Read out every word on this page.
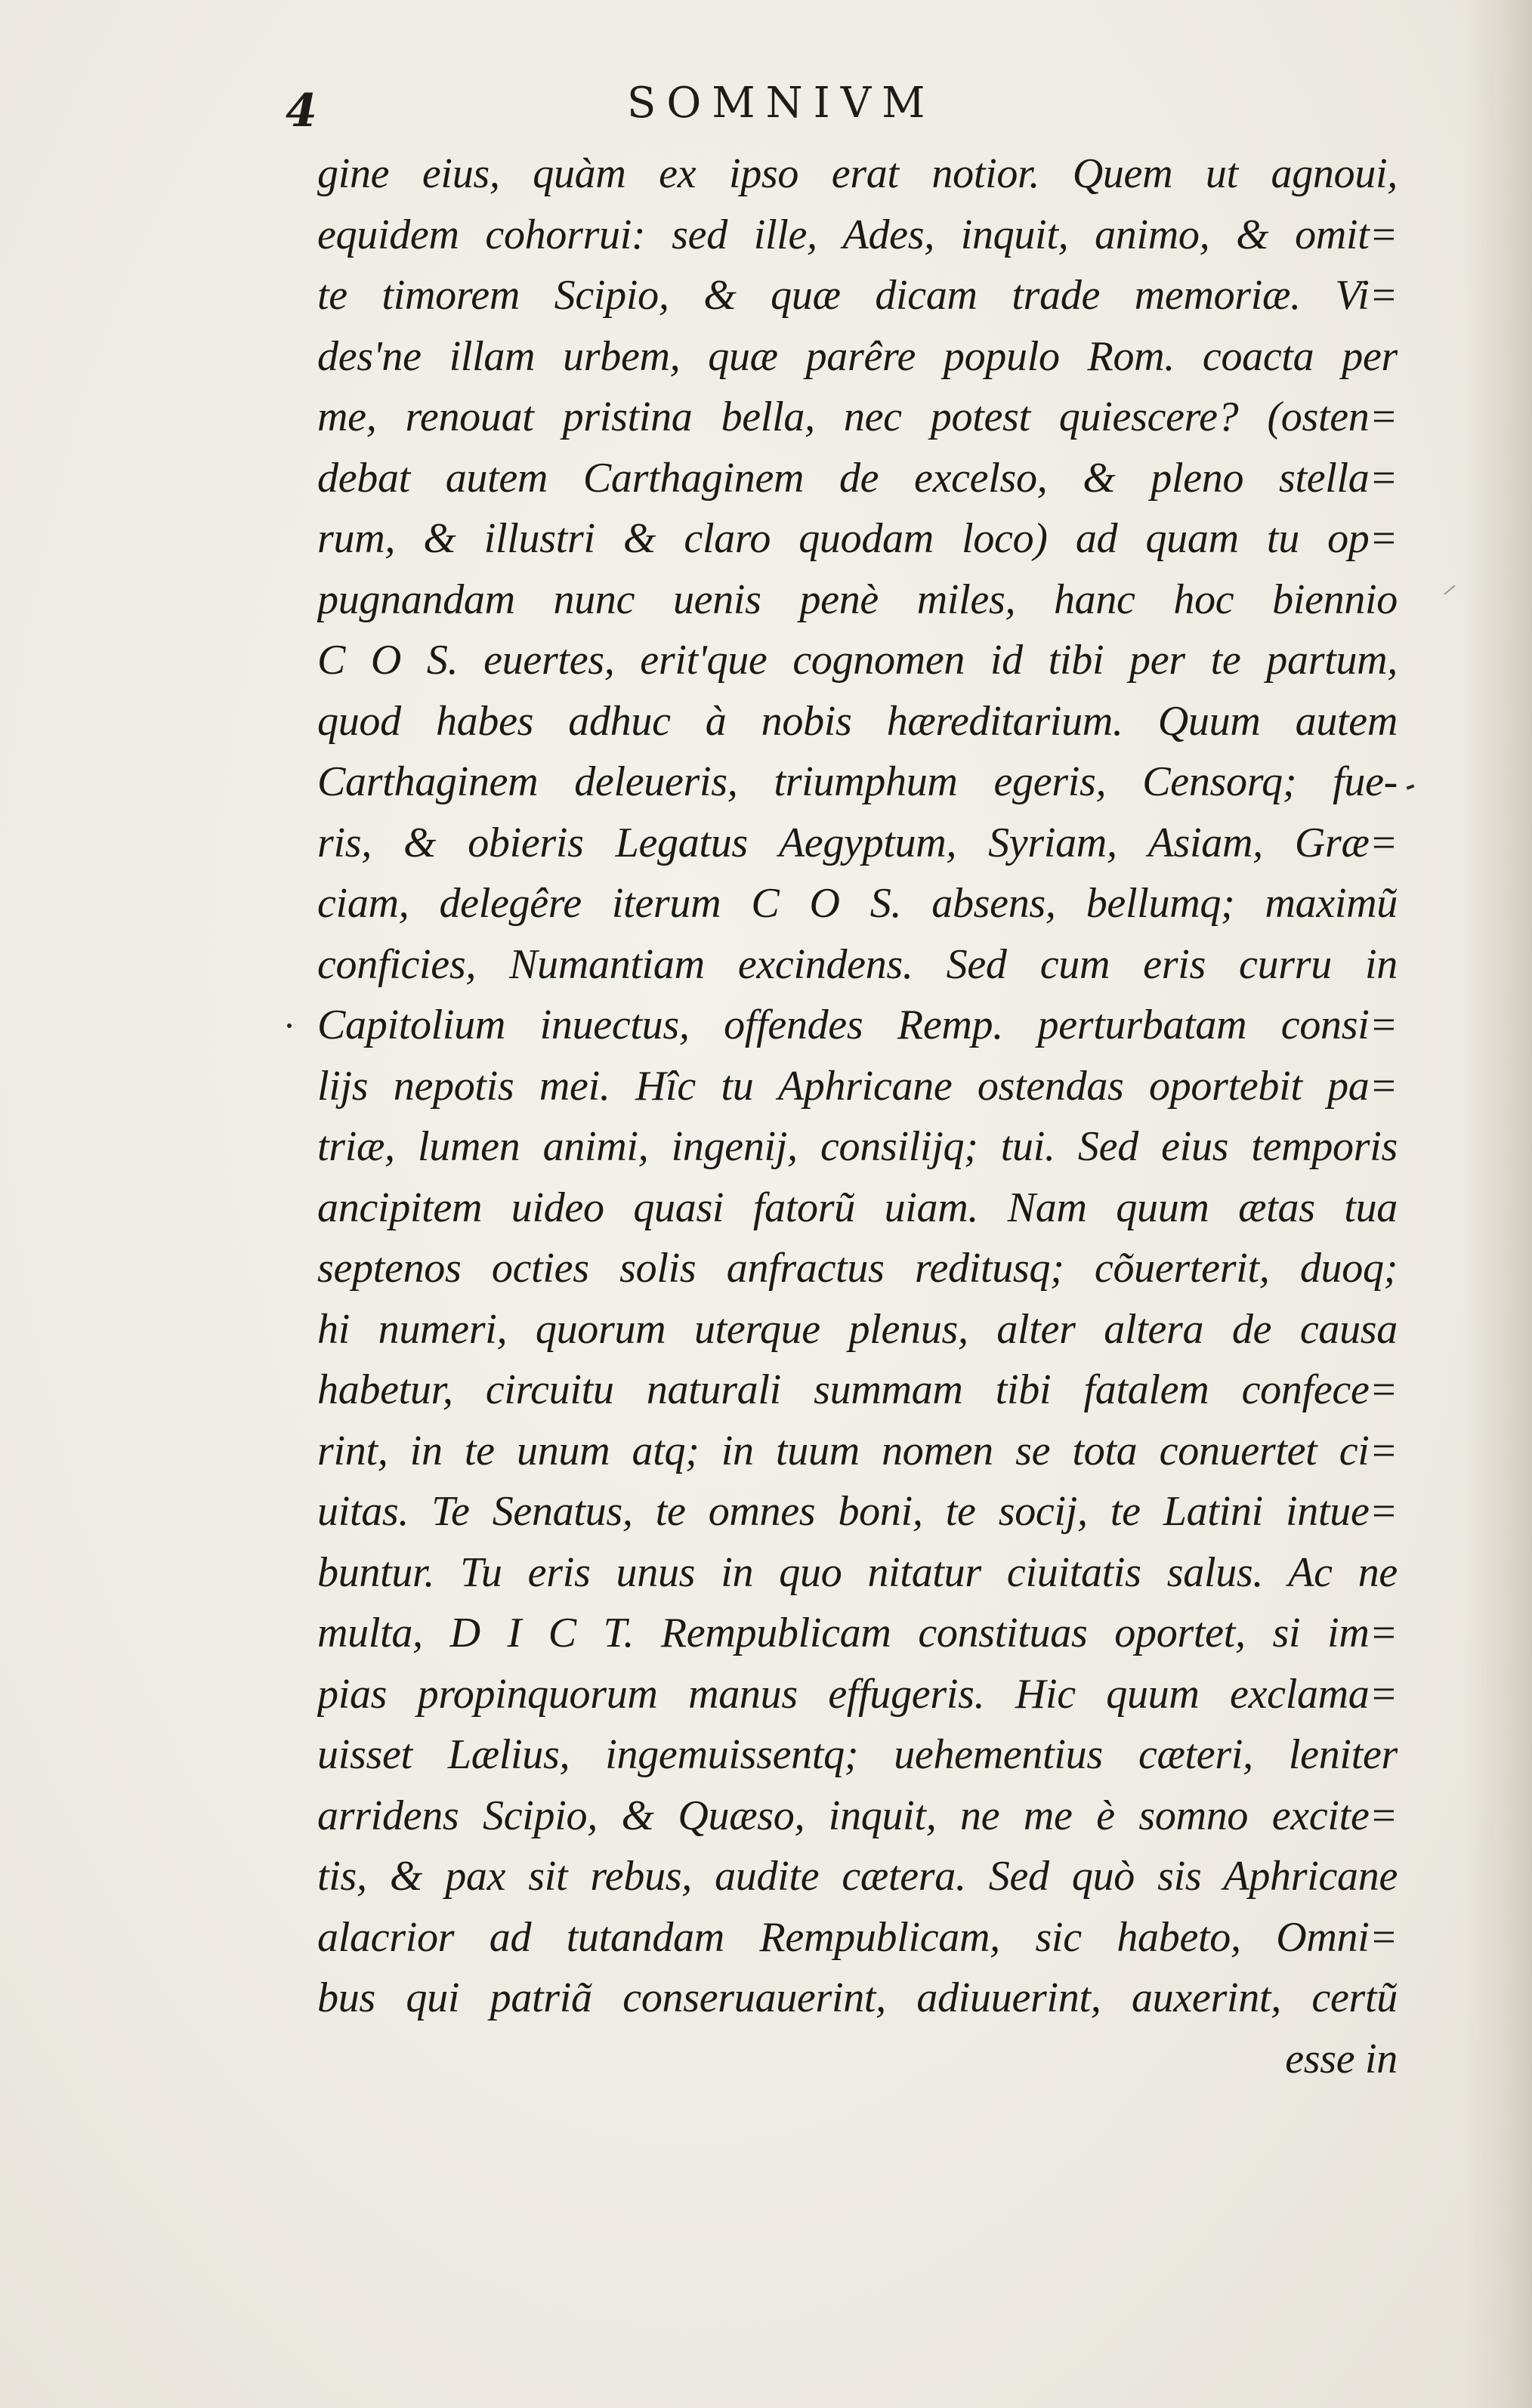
4	SOMNIVM
gine eius, quàm ex ipso erat notior. Quem ut agnoui,
equidem cohorrui: sed ille, Ades, inquit, animo, & omit=
te timorem Scipio, & quæ dicam trade memoriæ. Vi=
des'ne illam urbem, quæ parêre populo Rom. coacta per
me, renouat pristina bella, nec potest quiescere? (osten=
debat autem Carthaginem de excelso, & pleno stella=
rum, & illustri & claro quodam loco) ad quam tu op=
pugnandam nunc uenis penè miles, hanc hoc biennio
C O S. euertes, erit'que cognomen id tibi per te partum,
quod habes adhuc à nobis hæreditarium. Quum autem
Carthaginem deleueris, triumphum egeris, Censorq; fue-
ris, & obieris Legatus Aegyptum, Syriam, Asiam, Græ=
ciam, delegêre iterum C O S. absens, bellumq; maximũ
conficies, Numantiam excindens. Sed cum eris curru in
Capitolium inuectus, offendes Remp. perturbatam consi=
lijs nepotis mei. Hîc tu Aphricane ostendas oportebit pa=
triæ, lumen animi, ingenij, consilijq; tui. Sed eius temporis
ancipitem uideo quasi fatorũ uiam. Nam quum ætas tua
septenos octies solis anfractus reditusq; cõuerterit, duoq;
hi numeri, quorum uterque plenus, alter altera de causa
habetur, circuitu naturali summam tibi fatalem confece=
rint, in te unum atq; in tuum nomen se tota conuertet ci=
uitas. Te Senatus, te omnes boni, te socij, te Latini intue=
buntur. Tu eris unus in quo nitatur ciuitatis salus. Ac ne
multa, D I C T. Rempublicam constituas oportet, si im=
pias propinquorum manus effugeris. Hic quum exclama=
uisset Lælius, ingemuissentq; uehementius cæteri, leniter
arridens Scipio, & Quæso, inquit, ne me è somno excite=
tis, & pax sit rebus, audite cætera. Sed quò sis Aphricane
alacrior ad tutandam Rempublicam, sic habeto, Omni=
bus qui patriã conseruauerint, adiuuerint, auxerint, certũ
esse in
